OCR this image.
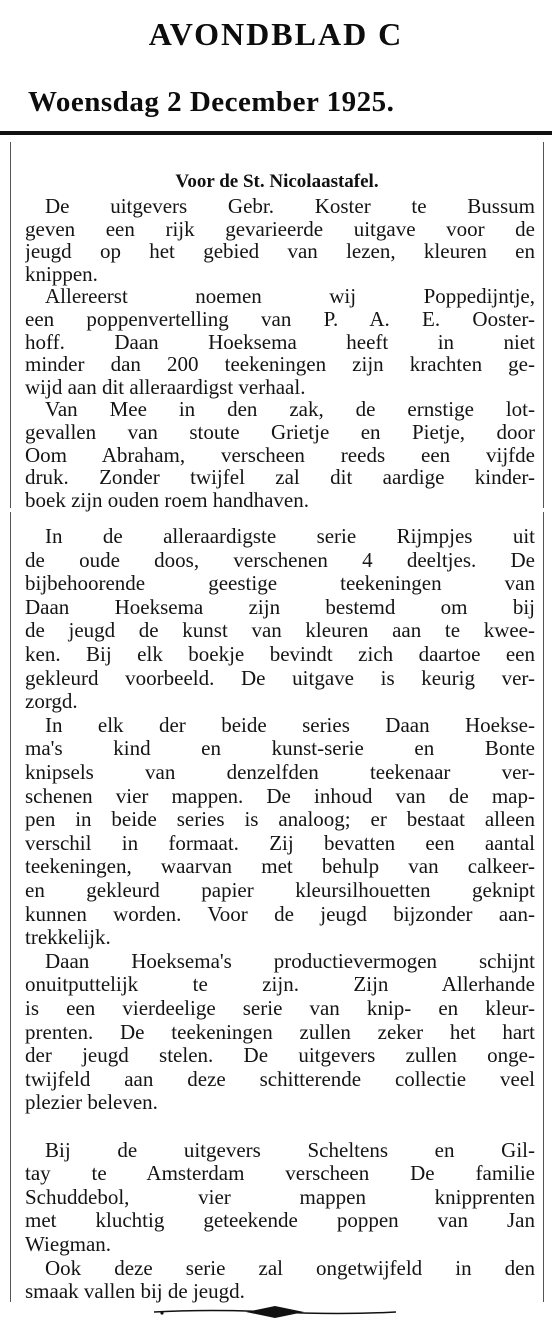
AVONDBLAD C
Woensdag 2 December 1925.
Voor de St. Nicolaastafel.
De uitgevers Gebr. Koster te Bussum
geven een rijk gevarieerde uitgave voor de
jeugd op het gebied van lezen, kleuren en
knippen.
Allereerst noemen wij Poppedijntje,
een poppenvertelling van P. A. E. Ooster-
hoff. Daan Hoeksema heeft in niet
minder dan 200 teekeningen zijn krachten ge-
wijd aan dit alleraardigst verhaal.
Van Mee in den zak, de ernstige lot-
gevallen van stoute Grietje en Pietje, door
Oom Abraham, verscheen reeds een vijfde
druk. Zonder twijfel zal dit aardige kinder-
boek zijn ouden roem handhaven.
In de alleraardigste serie Rijmpjes uit
de oude doos, verschenen 4 deeltjes. De
bijbehoorende geestige teekeningen van
Daan Hoeksema zijn bestemd om bij
de jeugd de kunst van kleuren aan te kwee-
ken. Bij elk boekje bevindt zich daartoe een
gekleurd voorbeeld. De uitgave is keurig ver-
zorgd.
In elk der beide series Daan Hoekse-
ma's kind en kunst-serie en Bonte
knipsels van denzelfden teekenaar ver-
schenen vier mappen. De inhoud van de map-
pen in beide series is analoog; er bestaat alleen
verschil in formaat. Zij bevatten een aantal
teekeningen, waarvan met behulp van calkeer-
en gekleurd papier kleursilhouetten geknipt
kunnen worden. Voor de jeugd bijzonder aan-
trekkelijk.
Daan Hoeksema's productievermogen schijnt
onuitputtelijk te zijn. Zijn Allerhande
is een vierdeelige serie van knip- en kleur-
prenten. De teekeningen zullen zeker het hart
der jeugd stelen. De uitgevers zullen onge-
twijfeld aan deze schitterende collectie veel
plezier beleven.
Bij de uitgevers Scheltens en Gil-
tay te Amsterdam verscheen De familie
Schuddebol, vier mappen knipprenten
met kluchtig geteekende poppen van Jan
Wiegman.
Ook deze serie zal ongetwijfeld in den
smaak vallen bij de jeugd.
